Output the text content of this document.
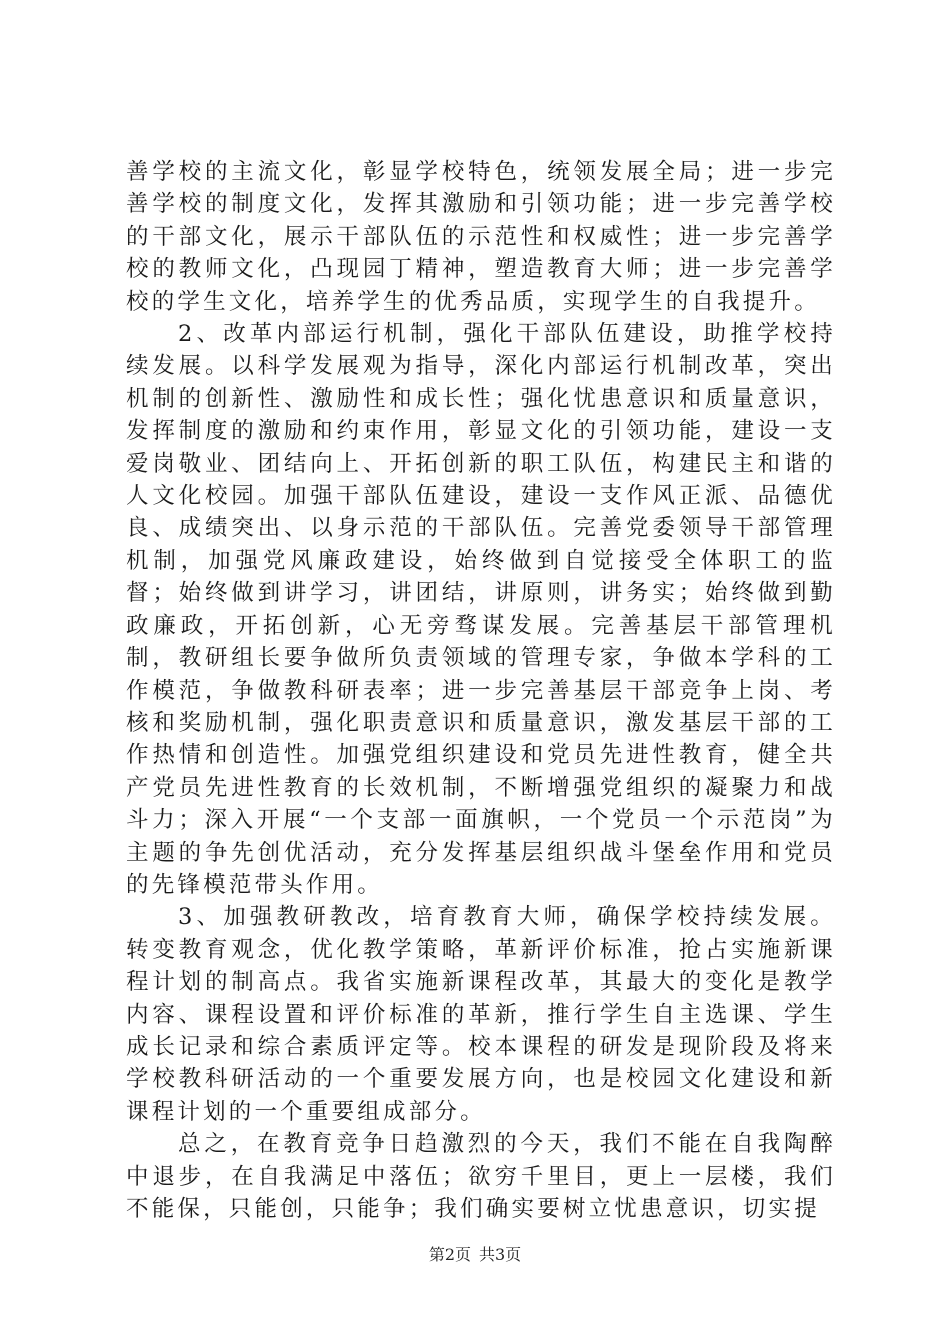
善学校的主流文化，彰显学校特色，统领发展全局；进一步完善学校的制度文化，发挥其激励和引领功能；进一步完善学校的干部文化，展示干部队伍的示范性和权威性；进一步完善学校的教师文化，凸现园丁精神，塑造教育大师；进一步完善学校的学生文化，培养学生的优秀品质，实现学生的自我提升。

2、改革内部运行机制，强化干部队伍建设，助推学校持续发展。以科学发展观为指导，深化内部运行机制改革，突出机制的创新性、激励性和成长性；强化忧患意识和质量意识，发挥制度的激励和约束作用，彰显文化的引领功能，建设一支爱岗敬业、团结向上、开拓创新的职工队伍，构建民主和谐的人文化校园。加强干部队伍建设，建设一支作风正派、品德优良、成绩突出、以身示范的干部队伍。完善党委领导干部管理机制，加强党风廉政建设，始终做到自觉接受全体职工的监督；始终做到讲学习，讲团结，讲原则，讲务实；始终做到勤政廉政，开拓创新，心无旁骛谋发展。完善基层干部管理机制，教研组长要争做所负责领域的管理专家，争做本学科的工作模范，争做教科研表率；进一步完善基层干部竞争上岗、考核和奖励机制，强化职责意识和质量意识，激发基层干部的工作热情和创造性。加强党组织建设和党员先进性教育，健全共产党员先进性教育的长效机制，不断增强党组织的凝聚力和战斗力；深入开展“一个支部一面旗帜，一个党员一个示范岗”为主题的争先创优活动，充分发挥基层组织战斗堡垒作用和党员的先锋模范带头作用。

3、加强教研教改，培育教育大师，确保学校持续发展。转变教育观念，优化教学策略，革新评价标准，抢占实施新课程计划的制高点。我省实施新课程改革，其最大的变化是教学内容、课程设置和评价标准的革新，推行学生自主选课、学生成长记录和综合素质评定等。校本课程的研发是现阶段及将来学校教科研活动的一个重要发展方向，也是校园文化建设和新课程计划的一个重要组成部分。

总之，在教育竞争日趋激烈的今天，我们不能在自我陶醉中退步，在自我满足中落伍；欲穷千里目，更上一层楼，我们不能保，只能创，只能争；我们确实要树立忧患意识，切实提

第2页 共3页
